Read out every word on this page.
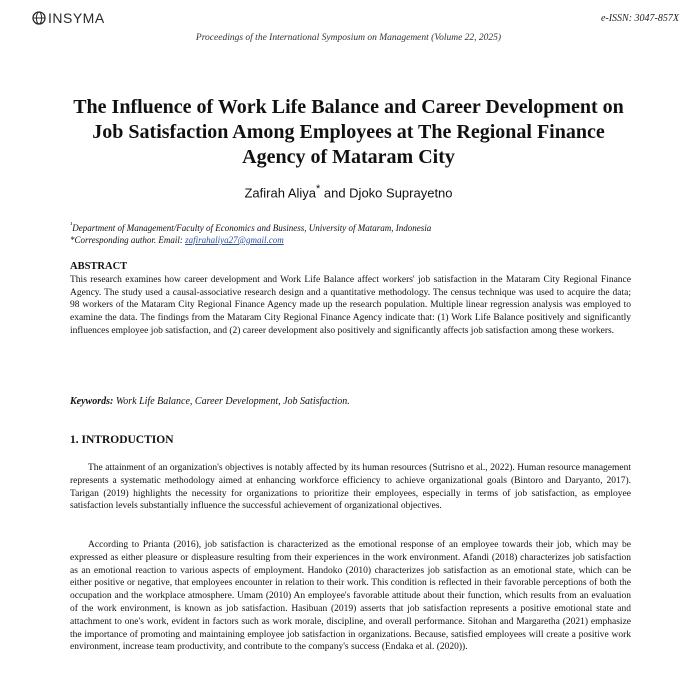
INSYMA	e-ISSN: 3047-857X
Proceedings of the International Symposium on Management (Volume 22, 2025)
The Influence of Work Life Balance and Career Development on Job Satisfaction Among Employees at The Regional Finance Agency of Mataram City
Zafirah Aliya* and Djoko Suprayetno
$^{^1}$Department of Management/Faculty of Economics and Business, University of Mataram, Indonesia
*Corresponding author. Email: zafirahaliya27@gmail.com
ABSTRACT

This research examines how career development and Work Life Balance affect workers' job satisfaction in the Mataram City Regional Finance Agency. The study used a causal-associative research design and a quantitative methodology. The census technique was used to acquire the data; 98 workers of the Mataram City Regional Finance Agency made up the research population. Multiple linear regression analysis was employed to examine the data. The findings from the Mataram City Regional Finance Agency indicate that: (1) Work Life Balance positively and significantly influences employee job satisfaction, and (2) career development also positively and significantly affects job satisfaction among these workers.

Keywords: Work Life Balance, Career Development, Job Satisfaction.
1. INTRODUCTION

The attainment of an organization's objectives is notably affected by its human resources (Sutrisno et al., 2022). Human resource management represents a systematic methodology aimed at enhancing workforce efficiency to achieve organizational goals (Bintoro and Daryanto, 2017). Tarigan (2019) highlights the necessity for organizations to prioritize their employees, especially in terms of job satisfaction, as employee satisfaction levels substantially influence the successful achievement of organizational objectives.

According to Prianta (2016), job satisfaction is characterized as the emotional response of an employee towards their job, which may be expressed as either pleasure or displeasure resulting from their experiences in the work environment. Afandi (2018) characterizes job satisfaction as an emotional reaction to various aspects of employment. Handoko (2010) characterizes job satisfaction as an emotional state, which can be either positive or negative, that employees encounter in relation to their work. This condition is reflected in their favorable perceptions of both the occupation and the workplace atmosphere. Umam (2010) An employee's favorable attitude about their function, which results from an evaluation of the work environment, is known as job satisfaction. Hasibuan (2019) asserts that job satisfaction represents a positive emotional state and attachment to one's work, evident in factors such as work morale, discipline, and overall performance. Sitohan and Margaretha (2021) emphasize the importance of promoting and maintaining employee job satisfaction in organizations. Because, satisfied employees will create a positive work environment, increase team productivity, and contribute to the company's success (Endaka et al. (2020)).
